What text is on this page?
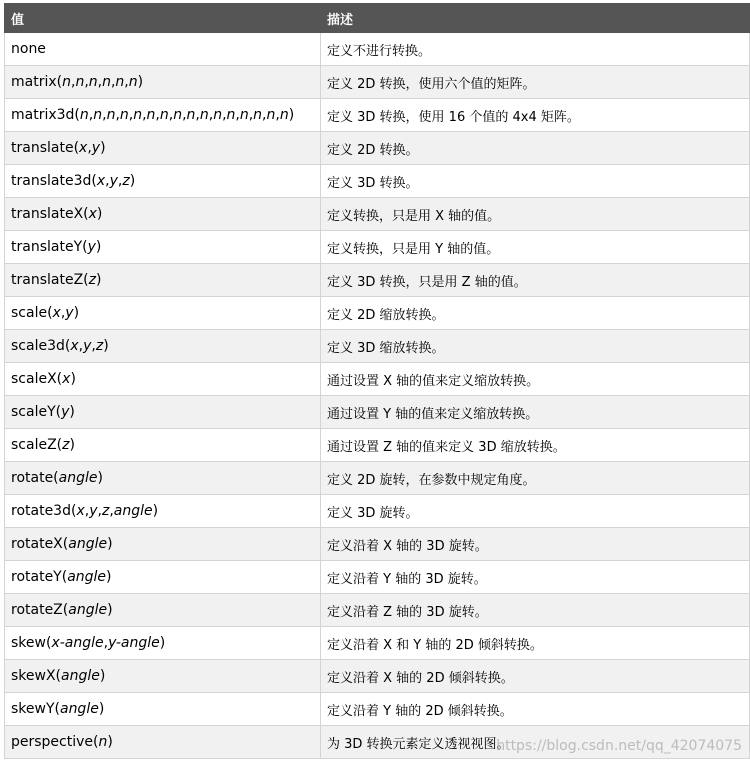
值	描述
none	定义不进行转换。
matrix(n,n,n,n,n,n)	定义 2D 转换，使用六个值的矩阵。
matrix3d(n,n,n,n,n,n,n,n,n,n,n,n,n,n,n,n)	定义 3D 转换，使用 16 个值的 4x4 矩阵。
translate(x,y)	定义 2D 转换。
translate3d(x,y,z)	定义 3D 转换。
translateX(x)	定义转换，只是用 X 轴的值。
translateY(y)	定义转换，只是用 Y 轴的值。
translateZ(z)	定义 3D 转换，只是用 Z 轴的值。
scale(x,y)	定义 2D 缩放转换。
scale3d(x,y,z)	定义 3D 缩放转换。
scaleX(x)	通过设置 X 轴的值来定义缩放转换。
scaleY(y)	通过设置 Y 轴的值来定义缩放转换。
scaleZ(z)	通过设置 Z 轴的值来定义 3D 缩放转换。
rotate(angle)	定义 2D 旋转，在参数中规定角度。
rotate3d(x,y,z,angle)	定义 3D 旋转。
rotateX(angle)	定义沿着 X 轴的 3D 旋转。
rotateY(angle)	定义沿着 Y 轴的 3D 旋转。
rotateZ(angle)	定义沿着 Z 轴的 3D 旋转。
skew(x-angle,y-angle)	定义沿着 X 和 Y 轴的 2D 倾斜转换。
skewX(angle)	定义沿着 X 轴的 2D 倾斜转换。
skewY(angle)	定义沿着 Y 轴的 2D 倾斜转换。
perspective(n)	为 3D 转换元素定义透视视图。
https://blog.csdn.net/qq_42074075
